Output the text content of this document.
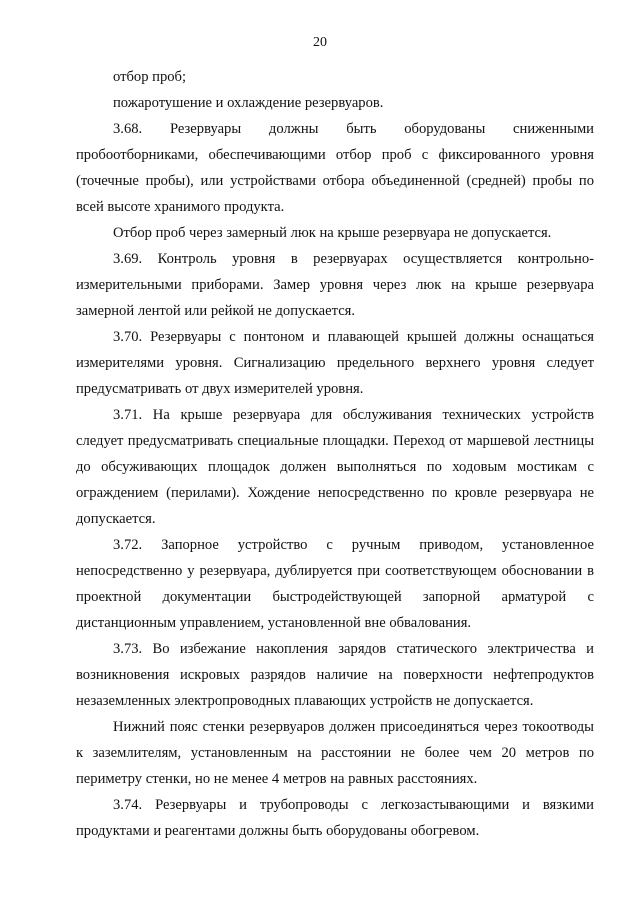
20

отбор проб;

пожаротушение и охлаждение резервуаров.

3.68. Резервуары должны быть оборудованы сниженными пробоотборниками, обеспечивающими отбор проб с фиксированного уровня (точечные пробы), или устройствами отбора объединенной (средней) пробы по всей высоте хранимого продукта.

Отбор проб через замерный люк на крыше резервуара не допускается.

3.69. Контроль уровня в резервуарах осуществляется контрольно-измерительными приборами. Замер уровня через люк на крыше резервуара замерной лентой или рейкой не допускается.

3.70. Резервуары с понтоном и плавающей крышей должны оснащаться измерителями уровня. Сигнализацию предельного верхнего уровня следует предусматривать от двух измерителей уровня.

3.71. На крыше резервуара для обслуживания технических устройств следует предусматривать специальные площадки. Переход от маршевой лестницы до обсуживающих площадок должен выполняться по ходовым мостикам с ограждением (перилами). Хождение непосредственно по кровле резервуара не допускается.

3.72. Запорное устройство с ручным приводом, установленное непосредственно у резервуара, дублируется при соответствующем обосновании в проектной документации быстродействующей запорной арматурой с дистанционным управлением, установленной вне обвалования.

3.73. Во избежание накопления зарядов статического электричества и возникновения искровых разрядов наличие на поверхности нефтепродуктов незаземленных электропроводных плавающих устройств не допускается.

Нижний пояс стенки резервуаров должен присоединяться через токоотводы к заземлителям, установленным на расстоянии не более чем 20 метров по периметру стенки, но не менее 4 метров на равных расстояниях.

3.74. Резервуары и трубопроводы с легкозастывающими и вязкими продуктами и реагентами должны быть оборудованы обогревом.
